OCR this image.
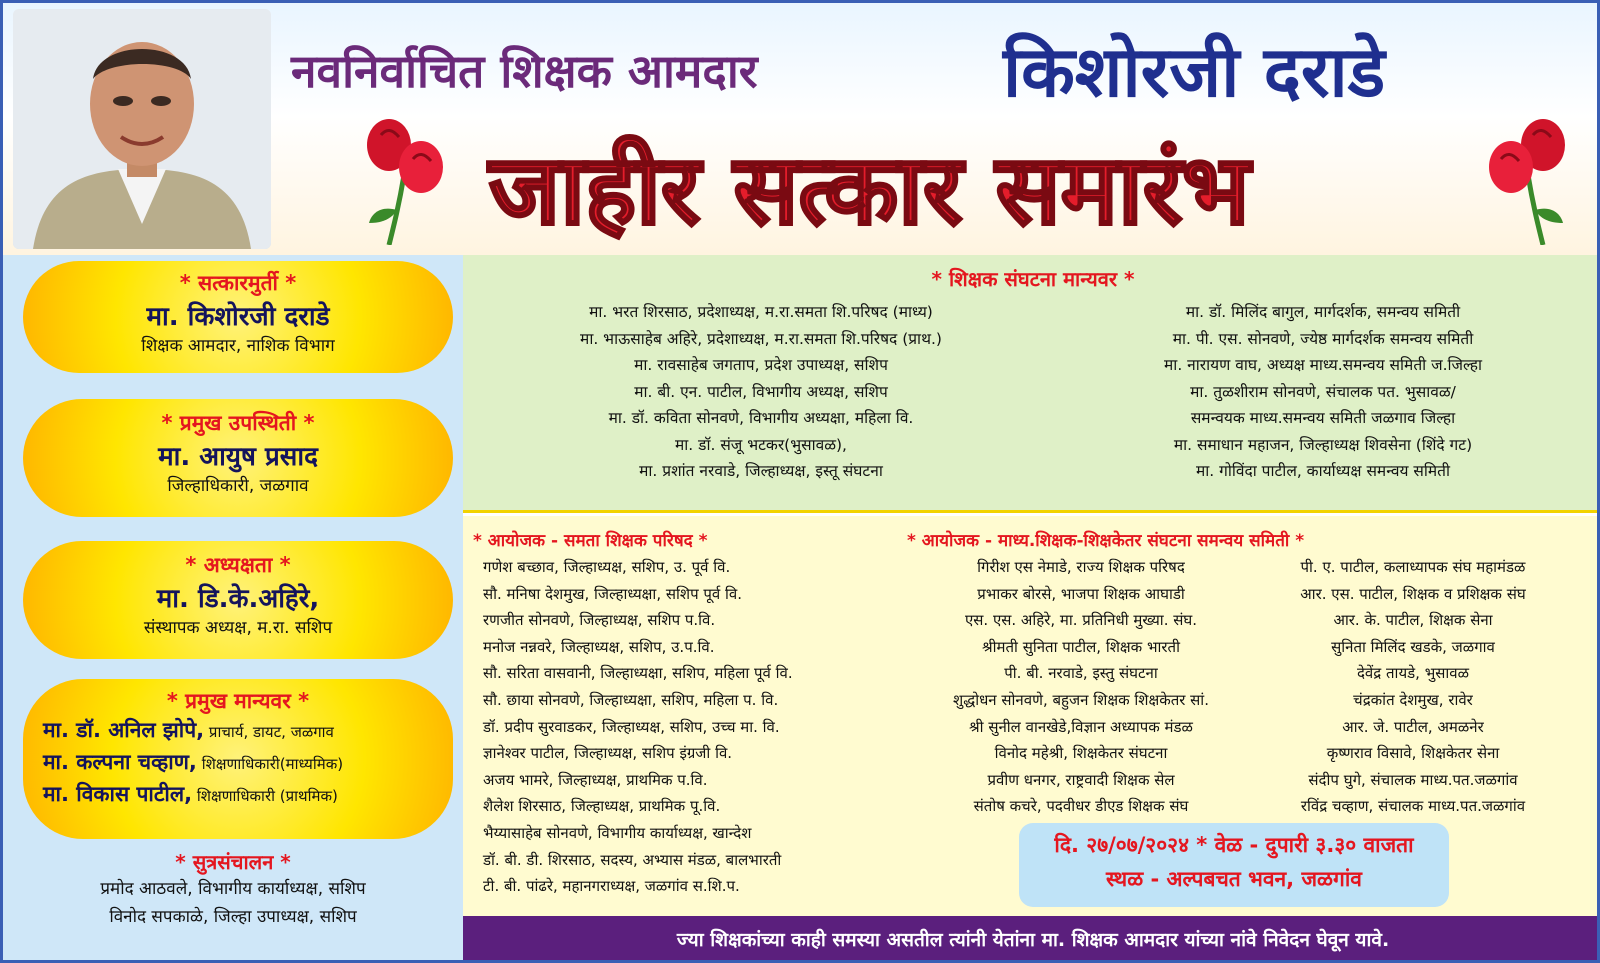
नवनिर्वाचित शिक्षक आमदार	किशोरजी दराडे
जाहीर सत्कार समारंभ
* सत्कारमुर्ती *
मा. किशोरजी दराडे
शिक्षक आमदार, नाशिक विभाग
* प्रमुख उपस्थिती *
मा. आयुष प्रसाद
जिल्हाधिकारी, जळगाव
* अध्यक्षता *
मा. डि.के.अहिरे,
संस्थापक अध्यक्ष, म.रा. सशिप
* प्रमुख मान्यवर *
मा. डॉ. अनिल झोपे, प्राचार्य, डायट, जळगाव
मा. कल्पना चव्हाण, शिक्षणाधिकारी(माध्यमिक)
मा. विकास पाटील, शिक्षणाधिकारी (प्राथमिक)
* सुत्रसंचालन *
प्रमोद आठवले, विभागीय कार्याध्यक्ष, सशिप
विनोद सपकाळे, जिल्हा उपाध्यक्ष, सशिप
* शिक्षक संघटना मान्यवर *
मा. भरत शिरसाठ, प्रदेशाध्यक्ष, म.रा.समता शि.परिषद (माध्य)
मा. भाऊसाहेब अहिरे, प्रदेशाध्यक्ष, म.रा.समता शि.परिषद (प्राथ.)
मा. रावसाहेब जगताप, प्रदेश उपाध्यक्ष, सशिप
मा. बी. एन. पाटील, विभागीय अध्यक्ष, सशिप
मा. डॉ. कविता सोनवणे, विभागीय अध्यक्षा, महिला वि.
मा. डॉ. संजू भटकर(भुसावळ),
मा. प्रशांत नरवाडे, जिल्हाध्यक्ष, इस्तू संघटना
मा. डॉ. मिलिंद बागुल, मार्गदर्शक, समन्वय समिती
मा. पी. एस. सोनवणे, ज्येष्ठ मार्गदर्शक समन्वय समिती
मा. नारायण वाघ, अध्यक्ष माध्य.समन्वय समिती ज.जिल्हा
मा. तुळशीराम सोनवणे, संचालक पत. भुसावळ/
समन्वयक माध्य.समन्वय समिती जळगाव जिल्हा
मा. समाधान महाजन, जिल्हाध्यक्ष शिवसेना (शिंदे गट)
मा. गोविंदा पाटील, कार्याध्यक्ष समन्वय समिती
* आयोजक - समता शिक्षक परिषद *
गणेश बच्छाव, जिल्हाध्यक्ष, सशिप, उ. पूर्व वि.
सौ. मनिषा देशमुख, जिल्हाध्यक्षा, सशिप पूर्व वि.
रणजीत सोनवणे, जिल्हाध्यक्ष, सशिप प.वि.
मनोज नन्नवरे, जिल्हाध्यक्ष, सशिप, उ.प.वि.
सौ. सरिता वासवानी, जिल्हाध्यक्षा, सशिप, महिला पूर्व वि.
सौ. छाया सोनवणे, जिल्हाध्यक्षा, सशिप, महिला प. वि.
डॉ. प्रदीप सुरवाडकर, जिल्हाध्यक्ष, सशिप, उच्च मा. वि.
ज्ञानेश्वर पाटील, जिल्हाध्यक्ष, सशिप इंग्रजी वि.
अजय भामरे, जिल्हाध्यक्ष, प्राथमिक प.वि.
शैलेश शिरसाठ, जिल्हाध्यक्ष, प्राथमिक पू.वि.
भैय्यासाहेब सोनवणे, विभागीय कार्याध्यक्ष, खान्देश
डॉ. बी. डी. शिरसाठ, सदस्य, अभ्यास मंडळ, बालभारती
टी. बी. पांढरे, महानगराध्यक्ष, जळगांव स.शि.प.
* आयोजक - माध्य.शिक्षक-शिक्षकेतर संघटना समन्वय समिती *
गिरीश एस नेमाडे, राज्य शिक्षक परिषद
प्रभाकर बोरसे, भाजपा शिक्षक आघाडी
एस. एस. अहिरे, मा. प्रतिनिधी मुख्या. संघ.
श्रीमती सुनिता पाटील, शिक्षक भारती
पी. बी. नरवाडे, इस्तु संघटना
शुद्धोधन सोनवणे, बहुजन शिक्षक शिक्षकेतर सां.
श्री सुनील वानखेडे,विज्ञान अध्यापक मंडळ
विनोद महेश्री, शिक्षकेतर संघटना
प्रवीण धनगर, राष्ट्रवादी शिक्षक सेल
संतोष कचरे, पदवीधर डीएड शिक्षक संघ
पी. ए. पाटील, कलाध्यापक संघ महामंडळ
आर. एस. पाटील, शिक्षक व प्रशिक्षक संघ
आर. के. पाटील, शिक्षक सेना
सुनिता मिलिंद खडके, जळगाव
देवेंद्र तायडे, भुसावळ
चंद्रकांत देशमुख, रावेर
आर. जे. पाटील, अमळनेर
कृष्णराव विसावे, शिक्षकेतर सेना
संदीप घुगे, संचालक माध्य.पत.जळगांव
रविंद्र चव्हाण, संचालक माध्य.पत.जळगांव
दि. २७/०७/२०२४ * वेळ - दुपारी ३.३० वाजता
स्थळ - अल्पबचत भवन, जळगांव
ज्या शिक्षकांच्या काही समस्या असतील त्यांनी येतांना मा. शिक्षक आमदार यांच्या नांवे निवेदन घेवून यावे.
